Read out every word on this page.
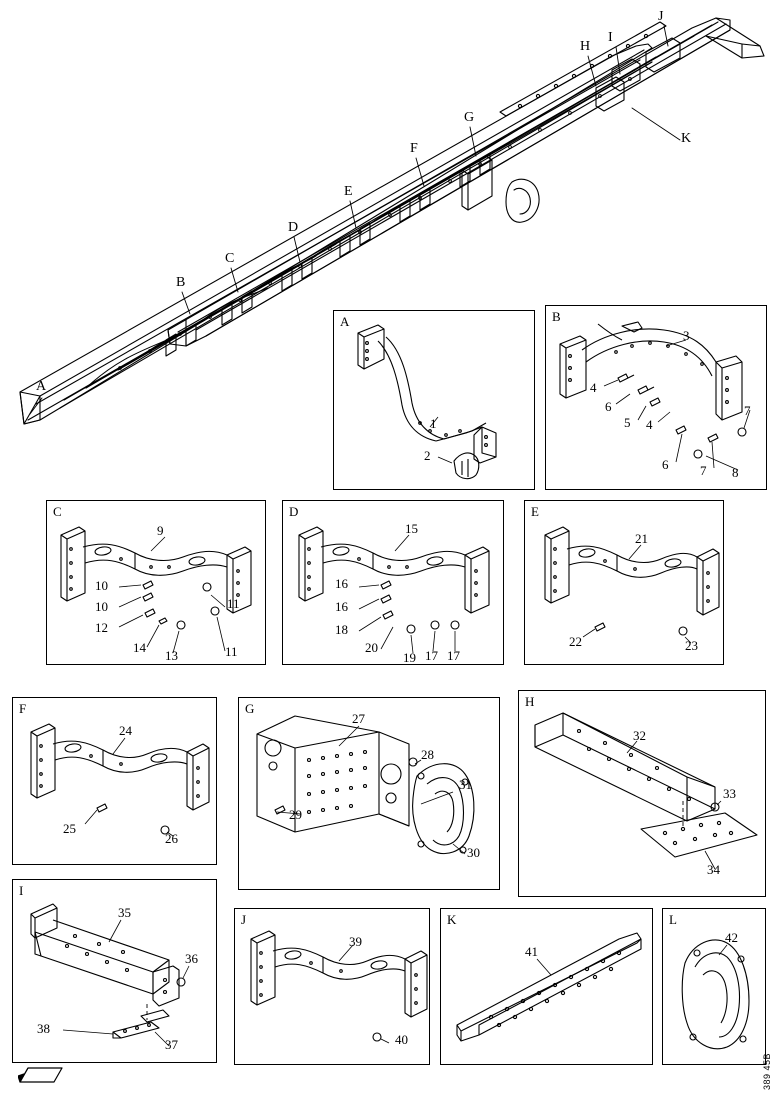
A
B
C
D
E
F
G
H
I
J
K
A
1
2
B
3
4
6
5 4
6 7
7
8
C
9
10
10
12
14
13
11
11
D
15
16
16
18
20
19 17 17
E
21
22	23
F
24
25
26
G
27
28
29
31
30
H
32
33
34
I
35
36
38
37
J
39
40
K
41
L
42
389 45B
